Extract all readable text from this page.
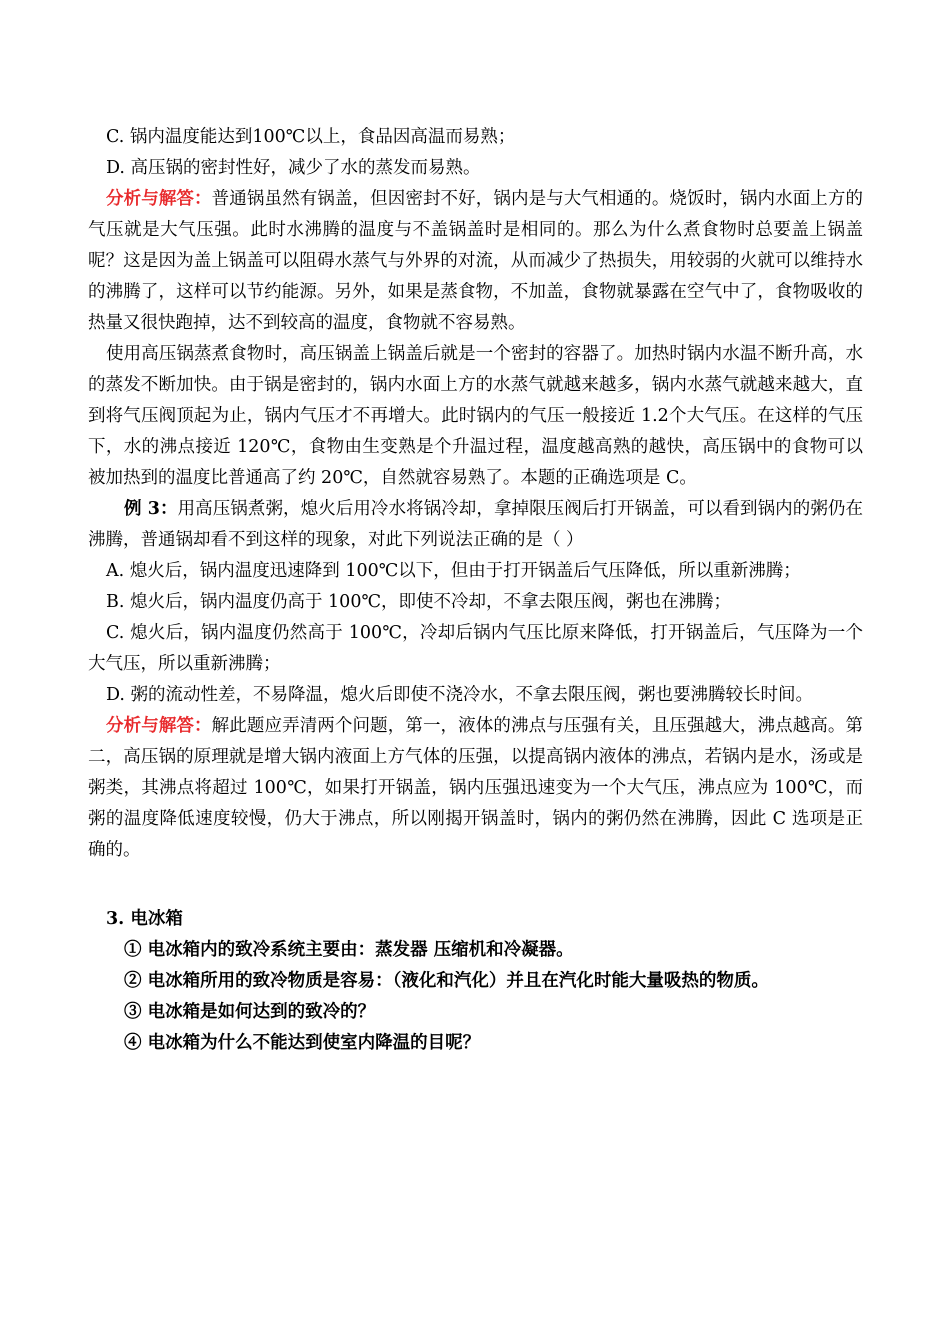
C. 锅内温度能达到100℃以上，食品因高温而易熟；

D. 高压锅的密封性好，减少了水的蒸发而易熟。

分析与解答：普通锅虽然有锅盖，但因密封不好，锅内是与大气相通的。烧饭时，锅内水面上方的气压就是大气压强。此时水沸腾的温度与不盖锅盖时是相同的。那么为什么煮食物时总要盖上锅盖呢？这是因为盖上锅盖可以阻碍水蒸气与外界的对流，从而减少了热损失，用较弱的火就可以维持水的沸腾了，这样可以节约能源。另外，如果是蒸食物，不加盖，食物就暴露在空气中了，食物吸收的热量又很快跑掉，达不到较高的温度，食物就不容易熟。

使用高压锅蒸煮食物时，高压锅盖上锅盖后就是一个密封的容器了。加热时锅内水温不断升高，水的蒸发不断加快。由于锅是密封的，锅内水面上方的水蒸气就越来越多，锅内水蒸气就越来越大，直到将气压阀顶起为止，锅内气压才不再增大。此时锅内的气压一般接近 1.2个大气压。在这样的气压下，水的沸点接近 120℃，食物由生变熟是个升温过程，温度越高熟的越快，高压锅中的食物可以被加热到的温度比普通高了约 20℃，自然就容易熟了。本题的正确选项是 C。

例 3：用高压锅煮粥，熄火后用冷水将锅冷却，拿掉限压阀后打开锅盖，可以看到锅内的粥仍在沸腾，普通锅却看不到这样的现象，对此下列说法正确的是（ ）

A. 熄火后，锅内温度迅速降到 100℃以下，但由于打开锅盖后气压降低，所以重新沸腾；

B. 熄火后，锅内温度仍高于 100℃，即使不冷却，不拿去限压阀，粥也在沸腾；

C. 熄火后，锅内温度仍然高于 100℃，冷却后锅内气压比原来降低，打开锅盖后，气压降为一个大气压，所以重新沸腾；

D. 粥的流动性差，不易降温，熄火后即使不浇冷水，不拿去限压阀，粥也要沸腾较长时间。

分析与解答：解此题应弄清两个问题，第一，液体的沸点与压强有关，且压强越大，沸点越高。第二，高压锅的原理就是增大锅内液面上方气体的压强，以提高锅内液体的沸点，若锅内是水，汤或是粥类，其沸点将超过 100℃，如果打开锅盖，锅内压强迅速变为一个大气压，沸点应为 100℃，而粥的温度降低速度较慢，仍大于沸点，所以刚揭开锅盖时，锅内的粥仍然在沸腾，因此 C 选项是正确的。

3. 电冰箱

① 电冰箱内的致冷系统主要由：蒸发器 压缩机和冷凝器。

② 电冰箱所用的致冷物质是容易：（液化和汽化）并且在汽化时能大量吸热的物质。

③ 电冰箱是如何达到的致冷的？

④ 电冰箱为什么不能达到使室内降温的目呢？
